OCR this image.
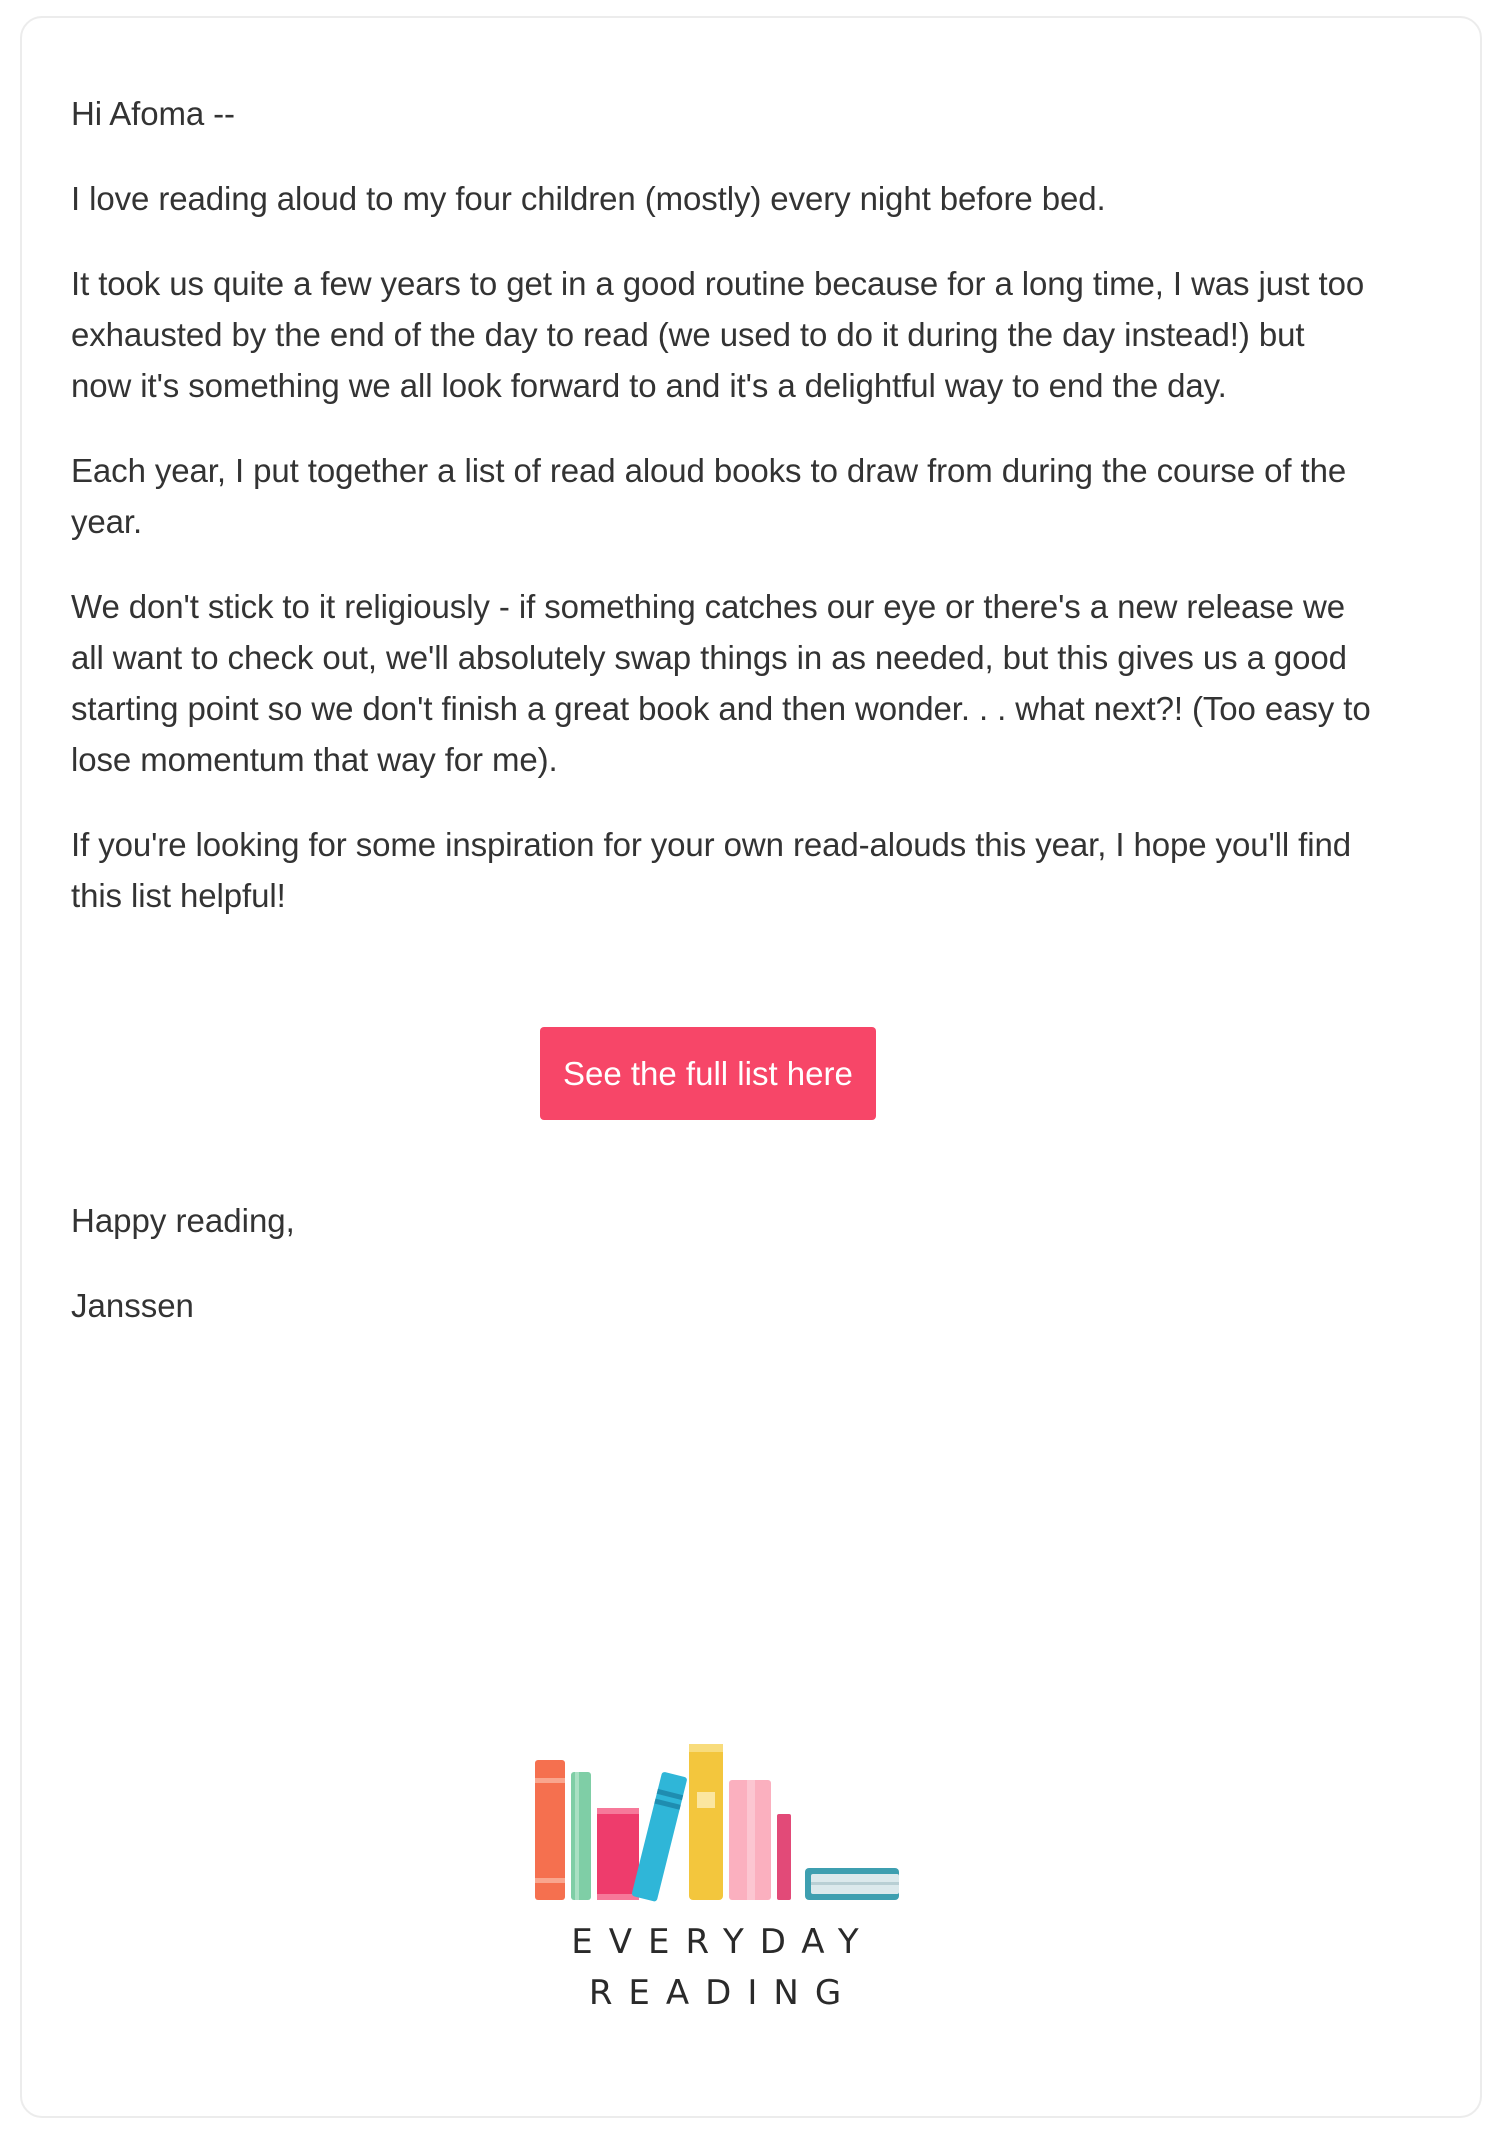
Hi Afoma --

I love reading aloud to my four children (mostly) every night before bed.

It took us quite a few years to get in a good routine because for a long time, I was just too exhausted by the end of the day to read (we used to do it during the day instead!) but now it's something we all look forward to and it's a delightful way to end the day.

Each year, I put together a list of read aloud books to draw from during the course of the year.

We don't stick to it religiously - if something catches our eye or there's a new release we all want to check out, we'll absolutely swap things in as needed, but this gives us a good starting point so we don't finish a great book and then wonder. . . what next?! (Too easy to lose momentum that way for me).

If you're looking for some inspiration for your own read-alouds this year, I hope you'll find this list helpful!

See the full list here

Happy reading,

Janssen

EVERYDAY
READING
